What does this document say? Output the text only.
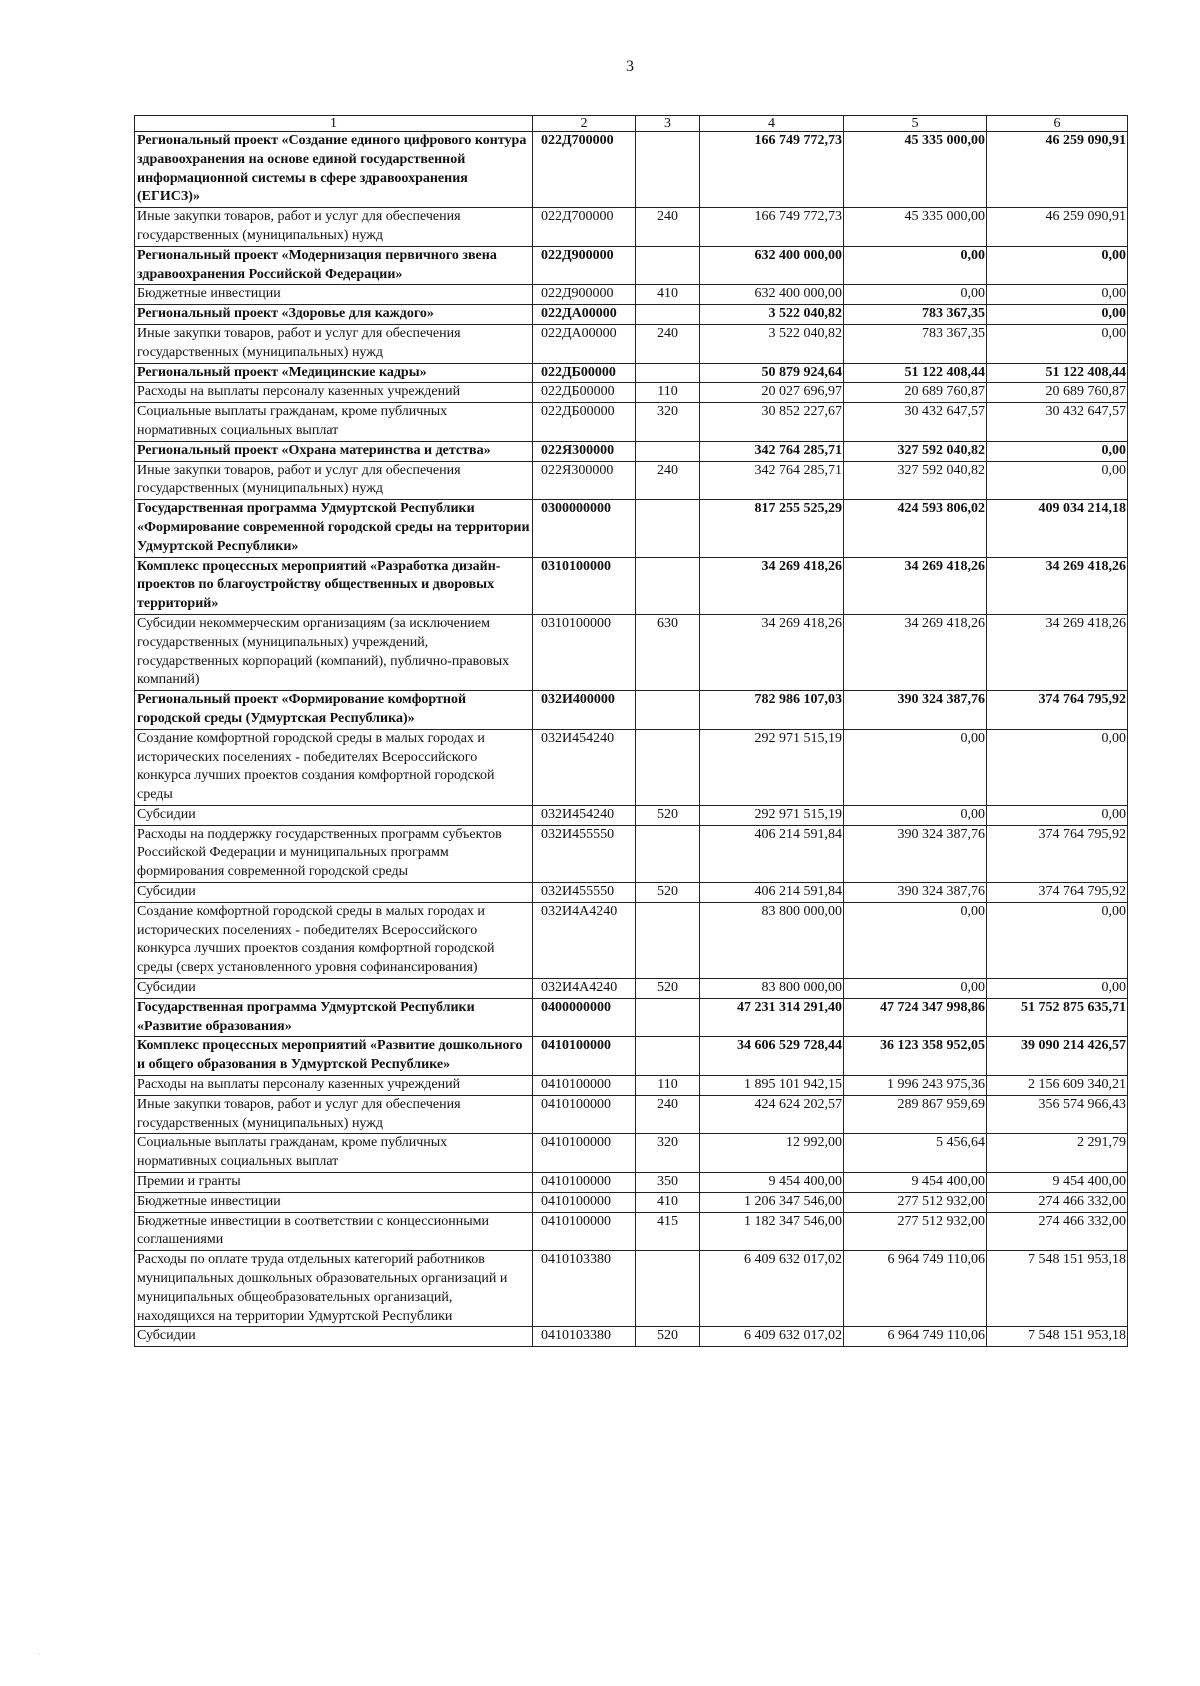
3
1	2	3	4	5	6
Региональный проект «Создание единого цифрового контура здравоохранения на основе единой государственной информационной системы в сфере здравоохранения (ЕГИСЗ)»	022Д700000		166 749 772,73	45 335 000,00	46 259 090,91
Иные закупки товаров, работ и услуг для обеспечения государственных (муниципальных) нужд	022Д700000	240	166 749 772,73	45 335 000,00	46 259 090,91
Региональный проект «Модернизация первичного звена здравоохранения Российской Федерации»	022Д900000		632 400 000,00	0,00	0,00
Бюджетные инвестиции	022Д900000	410	632 400 000,00	0,00	0,00
Региональный проект «Здоровье для каждого»	022ДА00000		3 522 040,82	783 367,35	0,00
Иные закупки товаров, работ и услуг для обеспечения государственных (муниципальных) нужд	022ДА00000	240	3 522 040,82	783 367,35	0,00
Региональный проект «Медицинские кадры»	022ДБ00000		50 879 924,64	51 122 408,44	51 122 408,44
Расходы на выплаты персоналу казенных учреждений	022ДБ00000	110	20 027 696,97	20 689 760,87	20 689 760,87
Социальные выплаты гражданам, кроме публичных нормативных социальных выплат	022ДБ00000	320	30 852 227,67	30 432 647,57	30 432 647,57
Региональный проект «Охрана материнства и детства»	022Я300000		342 764 285,71	327 592 040,82	0,00
Иные закупки товаров, работ и услуг для обеспечения государственных (муниципальных) нужд	022Я300000	240	342 764 285,71	327 592 040,82	0,00
Государственная программа Удмуртской Республики «Формирование современной городской среды на территории Удмуртской Республики»	0300000000		817 255 525,29	424 593 806,02	409 034 214,18
Комплекс процессных мероприятий «Разработка дизайн-проектов по благоустройству общественных и дворовых территорий»	0310100000		34 269 418,26	34 269 418,26	34 269 418,26
Субсидии некоммерческим организациям (за исключением государственных (муниципальных) учреждений, государственных корпораций (компаний), публично-правовых компаний)	0310100000	630	34 269 418,26	34 269 418,26	34 269 418,26
Региональный проект «Формирование комфортной городской среды (Удмуртская Республика)»	032И400000		782 986 107,03	390 324 387,76	374 764 795,92
Создание комфортной городской среды в малых городах и исторических поселениях - победителях Всероссийского конкурса лучших проектов создания комфортной городской среды	032И454240		292 971 515,19	0,00	0,00
Субсидии	032И454240	520	292 971 515,19	0,00	0,00
Расходы на поддержку государственных программ субъектов Российской Федерации и муниципальных программ формирования современной городской среды	032И455550		406 214 591,84	390 324 387,76	374 764 795,92
Субсидии	032И455550	520	406 214 591,84	390 324 387,76	374 764 795,92
Создание комфортной городской среды в малых городах и исторических поселениях - победителях Всероссийского конкурса лучших проектов создания комфортной городской среды (сверх установленного уровня софинансирования)	032И4А4240		83 800 000,00	0,00	0,00
Субсидии	032И4А4240	520	83 800 000,00	0,00	0,00
Государственная программа Удмуртской Республики «Развитие образования»	0400000000		47 231 314 291,40	47 724 347 998,86	51 752 875 635,71
Комплекс процессных мероприятий «Развитие дошкольного и общего образования в Удмуртской Республике»	0410100000		34 606 529 728,44	36 123 358 952,05	39 090 214 426,57
Расходы на выплаты персоналу казенных учреждений	0410100000	110	1 895 101 942,15	1 996 243 975,36	2 156 609 340,21
Иные закупки товаров, работ и услуг для обеспечения государственных (муниципальных) нужд	0410100000	240	424 624 202,57	289 867 959,69	356 574 966,43
Социальные выплаты гражданам, кроме публичных нормативных социальных выплат	0410100000	320	12 992,00	5 456,64	2 291,79
Премии и гранты	0410100000	350	9 454 400,00	9 454 400,00	9 454 400,00
Бюджетные инвестиции	0410100000	410	1 206 347 546,00	277 512 932,00	274 466 332,00
Бюджетные инвестиции в соответствии с концессионными соглашениями	0410100000	415	1 182 347 546,00	277 512 932,00	274 466 332,00
Расходы по оплате труда отдельных категорий работников муниципальных дошкольных образовательных организаций и муниципальных общеобразовательных организаций, находящихся на территории Удмуртской Республики	0410103380		6 409 632 017,02	6 964 749 110,06	7 548 151 953,18
Субсидии	0410103380	520	6 409 632 017,02	6 964 749 110,06	7 548 151 953,18
·
